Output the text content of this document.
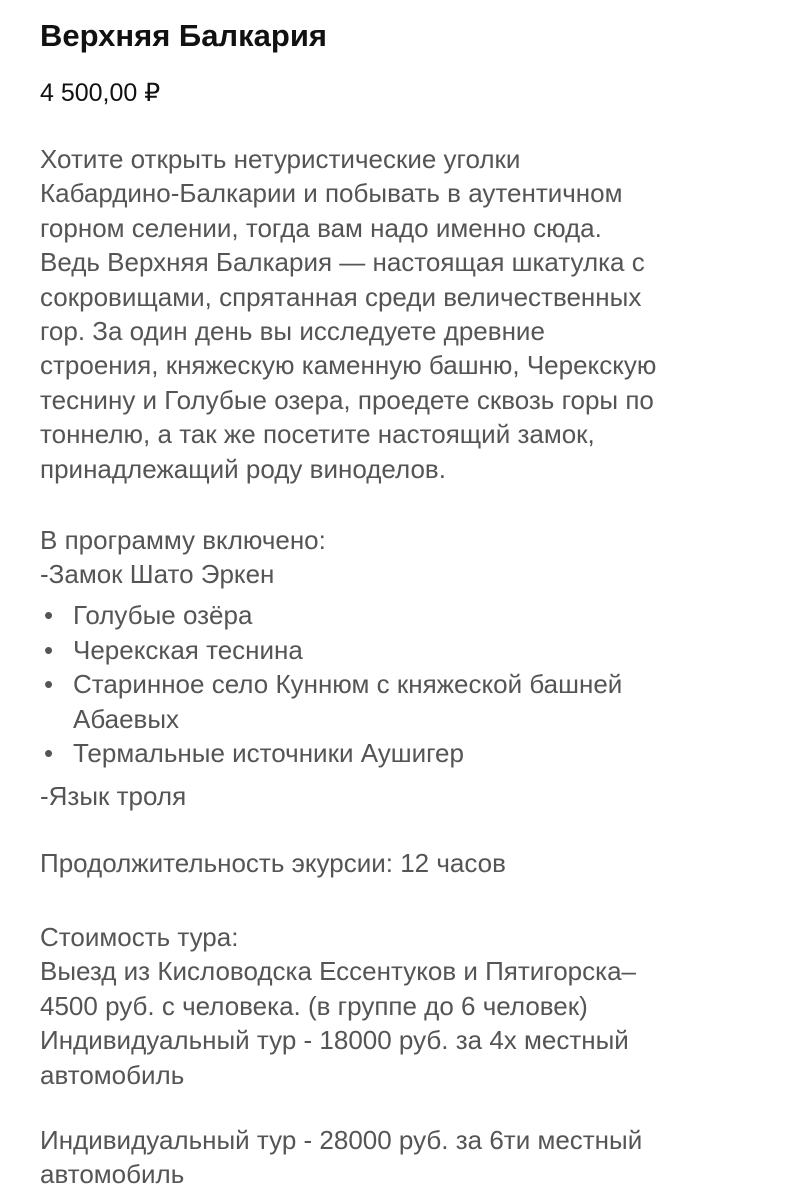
Верхняя Балкария
4 500,00 ₽
Хотите открыть нетуристические уголки
Кабардино-Балкарии и побывать в аутентичном
горном селении, тогда вам надо именно сюда.
Ведь Верхняя Балкария — настоящая шкатулка с
сокровищами, спрятанная среди величественных
гор. За один день вы исследуете древние
строения, княжескую каменную башню, Черекскую
теснину и Голубые озера, проедете сквозь горы по
тоннелю, а так же посетите настоящий замок,
принадлежащий роду виноделов.
В программу включено:
-Замок Шато Эркен
• Голубые озёра
• Черекская теснина
• Старинное село Куннюм с княжеской башней
Абаевых
• Термальные источники Аушигер
-Язык троля
Продолжительность экурсии: 12 часов
Стоимость тура:
Выезд из Кисловодска Ессентуков и Пятигорска–
4500 руб. с человека. (в группе до 6 человек)
Индивидуальный тур - 18000 руб. за 4х местный
автомобиль
Индивидуальный тур - 28000 руб. за 6ти местный
автомобиль
